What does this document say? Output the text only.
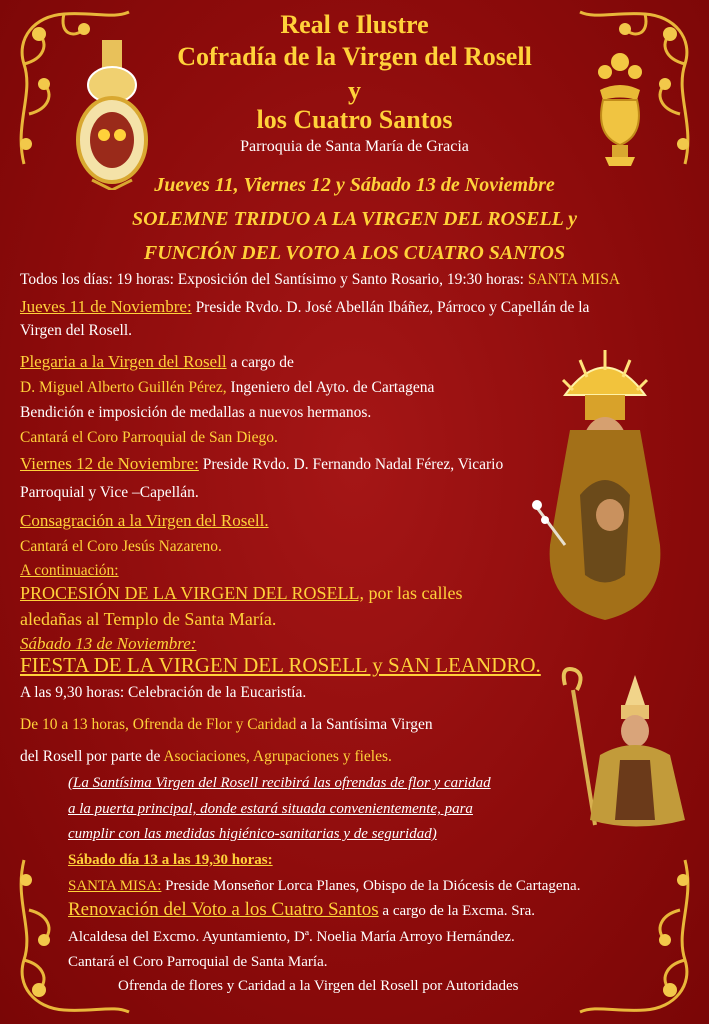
Real e Ilustre
Cofradía de la Virgen del Rosell
y
los Cuatro Santos
Parroquia de Santa María de Gracia
Jueves 11, Viernes 12 y Sábado 13 de Noviembre
SOLEMNE TRIDUO A LA VIRGEN DEL ROSELL y
FUNCIÓN DEL VOTO A LOS CUATRO SANTOS
Todos los días: 19 horas: Exposición del Santísimo y Santo Rosario, 19:30 horas: SANTA MISA
Jueves 11 de Noviembre: Preside Rvdo. D. José Abellán Ibáñez, Párroco y Capellán de la
Virgen del Rosell.
Plegaria a la Virgen del Rosell a cargo de
D. Miguel Alberto Guillén Pérez, Ingeniero del Ayto. de Cartagena
Bendición e imposición de medallas a nuevos hermanos.
Cantará el Coro Parroquial de San Diego.
Viernes 12 de Noviembre: Preside Rvdo. D. Fernando Nadal Férez, Vicario
Parroquial y Vice –Capellán.
Consagración a la Virgen del Rosell.
Cantará el Coro Jesús Nazareno.
A continuación:
PROCESIÓN DE LA VIRGEN DEL ROSELL, por las calles
aledañas al Templo de Santa María.
Sábado 13 de Noviembre:
FIESTA DE LA VIRGEN DEL ROSELL y SAN LEANDRO.
A las 9,30 horas: Celebración de la Eucaristía.
De 10 a 13 horas, Ofrenda de Flor y Caridad a la Santísima Virgen
del Rosell por parte de Asociaciones, Agrupaciones y fieles.
(La Santísima Virgen del Rosell recibirá las ofrendas de flor y caridad
a la puerta principal, donde estará situada convenientemente, para
cumplir con las medidas higiénico-sanitarias y de seguridad)
Sábado día 13 a las 19,30 horas:
SANTA MISA: Preside Monseñor Lorca Planes, Obispo de la Diócesis de Cartagena.
Renovación del Voto a los Cuatro Santos a cargo de la Excma. Sra.
Alcaldesa del Excmo. Ayuntamiento, Dª. Noelia María Arroyo Hernández.
Cantará el Coro Parroquial de Santa María.
Ofrenda de flores y Caridad a la Virgen del Rosell por Autoridades
